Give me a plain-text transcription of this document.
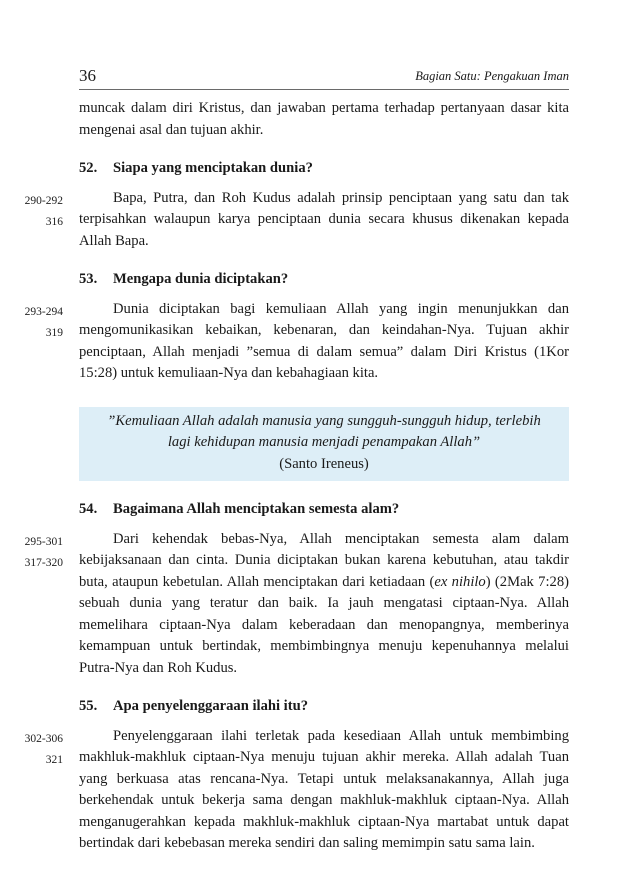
36	Bagian Satu: Pengakuan Iman

muncak dalam diri Kristus, dan jawaban pertama terhadap pertanyaan dasar kita mengenai asal dan tujuan akhir.

52. Siapa yang menciptakan dunia?
290-292
316

Bapa, Putra, dan Roh Kudus adalah prinsip penciptaan yang satu dan tak terpisahkan walaupun karya penciptaan dunia secara khusus dikenakan kepada Allah Bapa.

53. Mengapa dunia diciptakan?
293-294
319

Dunia diciptakan bagi kemuliaan Allah yang ingin menunjukkan dan mengomunikasikan kebaikan, kebenaran, dan keindahan-Nya. Tujuan akhir penciptaan, Allah menjadi ”semua di dalam semua” dalam Diri Kristus (1Kor 15:28) untuk kemuliaan-Nya dan kebahagiaan kita.

”Kemuliaan Allah adalah manusia yang sungguh-sungguh hidup, terlebih lagi kehidupan manusia menjadi penampakan Allah”
(Santo Ireneus)
54. Bagaimana Allah menciptakan semesta alam?
295-301
317-320

Dari kehendak bebas-Nya, Allah menciptakan semesta alam dalam kebijaksanaan dan cinta. Dunia diciptakan bukan karena kebutuhan, atau takdir buta, ataupun kebetulan. Allah menciptakan dari ketiadaan (ex nihilo) (2Mak 7:28) sebuah dunia yang teratur dan baik. Ia jauh mengatasi ciptaan-Nya. Allah memelihara ciptaan-Nya dalam keberadaan dan menopangnya, memberinya kemampuan untuk bertindak, membimbingnya menuju kepenuhannya melalui Putra-Nya dan Roh Kudus.

55. Apa penyelenggaraan ilahi itu?
302-306
321

Penyelenggaraan ilahi terletak pada kesediaan Allah untuk membimbing makhluk-makhluk ciptaan-Nya menuju tujuan akhir mereka. Allah adalah Tuan yang berkuasa atas rencana-Nya. Tetapi untuk melaksanakannya, Allah juga berkehendak untuk bekerja sama dengan makhluk-makhluk ciptaan-Nya. Allah menganugerahkan kepada makhluk-makhluk ciptaan-Nya martabat untuk dapat bertindak dari kebebasan mereka sendiri dan saling memimpin satu sama lain.
